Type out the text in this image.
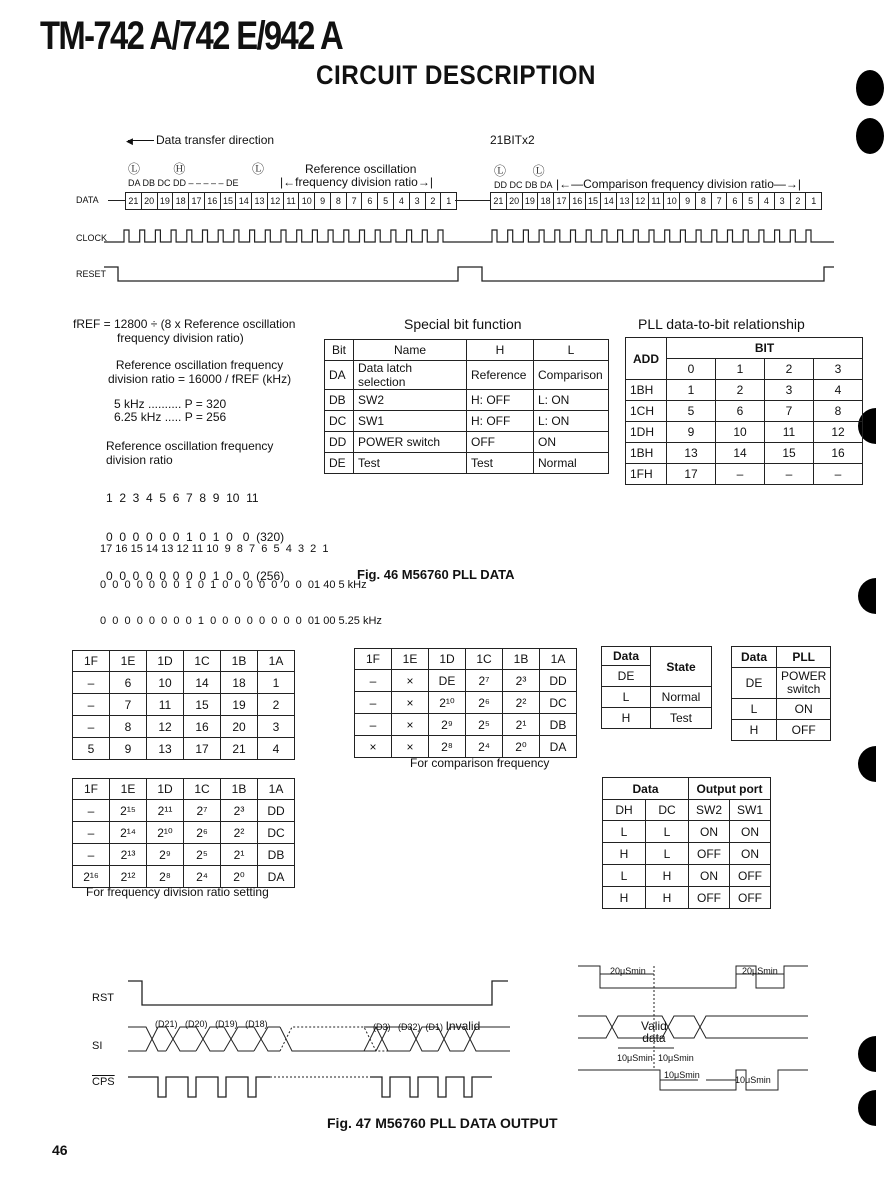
TM-742 A/742 E/942 A
CIRCUIT DESCRIPTION
◀ Data transfer direction	21BITx2
Ⓛ          Ⓗ                    Ⓛ	Reference oscillation
DA DB DC DD – – – – – DE	|←frequency division ratio→|
Ⓛ        Ⓛ
DD DC DB DA |←—Comparison frequency division ratio—→|
DATA	21 20 19 18 17 16 15 14 13 12 11 10 9	8	7	6	5	4	3	2	1	21 20 19 18 17 16 15 14 13 12 11 10 9	8	7	6	5	4	3	2	1
CLOCK
RESET
fREF = 12800 ÷ (8 x Reference oscillation
frequency division ratio)
Reference oscillation frequency
division ratio = 16000 / fREF (kHz)
5 kHz .......... P = 320
6.25 kHz ..... P = 256
Reference oscillation frequency
division ratio

1  2  3  4  5  6  7  8  9  10  11

0  0  0  0  0  0  1  0  1  0   0  (320)

0  0  0  0  0  0  0  0  1  0   0  (256)

17 16 15 14 13 12 11 10  9  8  7  6  5  4  3  2  1

0  0  0  0  0  0  0  1  0  1  0  0  0  0  0  0  0  01 40 5 kHz

0  0  0  0  0  0  0  0  1  0  0  0  0  0  0  0  0  01 00 5.25 kHz

Special bit function
Bit	Name	H	L
DA	Data latch selection	Reference	Comparison
DB	SW2	H: OFF	L: ON
DC	SW1	H: OFF	L: ON
DD	POWER switch	OFF	ON
DE	Test	Test	Normal
PLL data-to-bit relationship
ADD	BIT			
	0	1	2	3
1BH	1	2	3	4
1CH	5	6	7	8
1DH	9	10	11	12
1BH	13	14	15	16
1FH	17	–	–	–
Fig. 46 M56760 PLL DATA
1F	1E	1D	1C	1B	1A
–	6	10	14	18	1
–	7	11	15	19	2
–	8	12	16	20	3
5	9	13	17	21	4
1F	1E	1D	1C	1B	1A
–	×	DE	2⁷	2³	DD
–	×	2¹⁰	2⁶	2²	DC
–	×	2⁹	2⁵	2¹	DB
×	×	2⁸	2⁴	2⁰	DA
For comparison frequency
1F	1E	1D	1C	1B	1A
–	2¹⁵	2¹¹	2⁷	2³	DD
–	2¹⁴	2¹⁰	2⁶	2²	DC
–	2¹³	2⁹	2⁵	2¹	DB
2¹⁶	2¹²	2⁸	2⁴	2⁰	DA
For frequency division ratio setting
Data	State
DE	
L	Normal
H	Test
Data	PLL
DE	POWER switch
L	ON
H	OFF
Data		Output port	
DH	DC	SW2	SW1
L	L	ON	ON
H	L	OFF	ON
L	H	ON	OFF
H	H	OFF	OFF
RST
SI
$\overline{CPS}$
(D21) (D20) (D19) (D18)	(D3) (D32) (D1) Invalid
20μSmin	20μSmin
Valid
data
10μSmin 10μSmin
10μSmin	10μSmin
Fig. 47 M56760 PLL DATA OUTPUT
46
